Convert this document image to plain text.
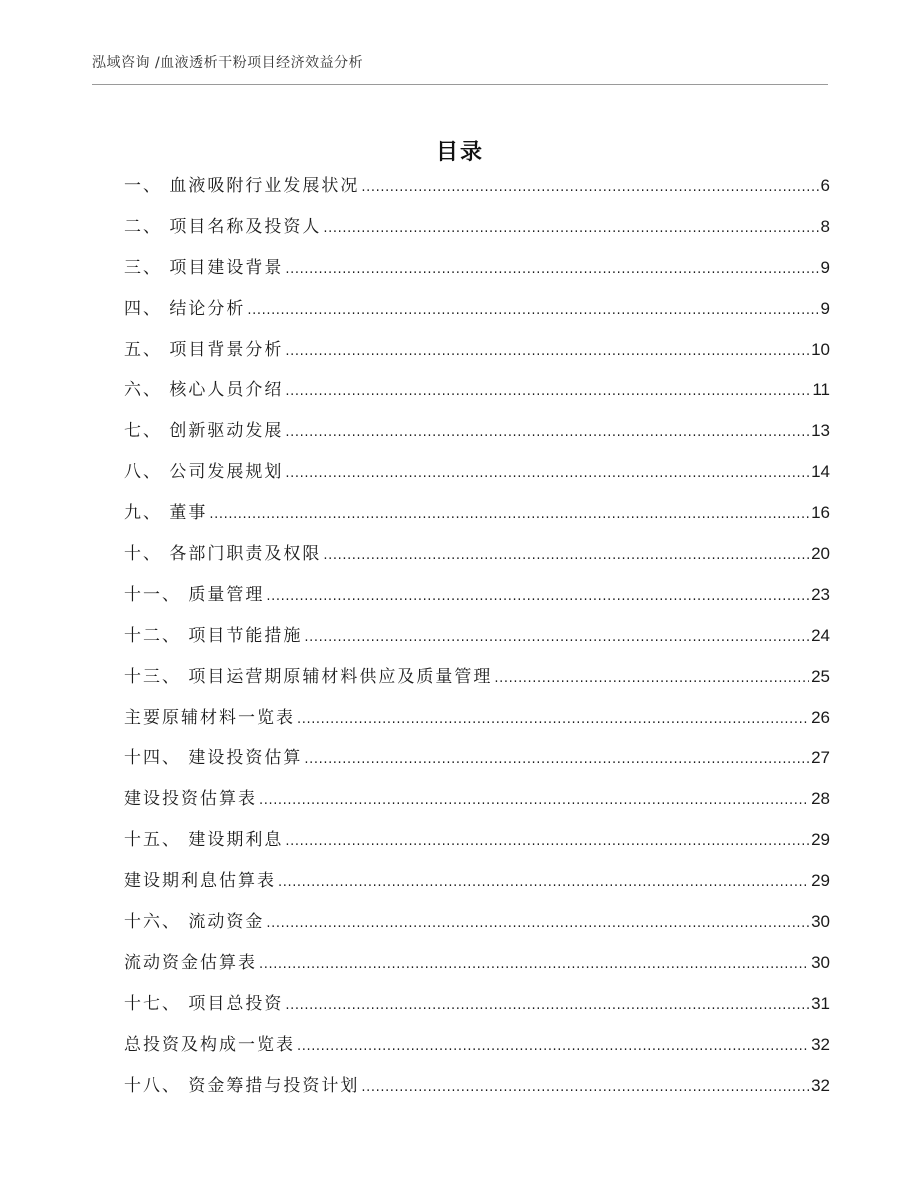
泓域咨询 /血液透析干粉项目经济效益分析
目录
一、 血液吸附行业发展状况 .....	6
二、 项目名称及投资人 .....	8
三、 项目建设背景 .....	9
四、 结论分析 .....	9
五、 项目背景分析 .....	10
六、 核心人员介绍 .....	11
七、 创新驱动发展 .....	13
八、 公司发展规划 .....	14
九、 董事 .....	16
十、 各部门职责及权限 .....	20
十一、 质量管理 .....	23
十二、 项目节能措施 .....	24
十三、 项目运营期原辅材料供应及质量管理 .....	25
主要原辅材料一览表 .....	26
十四、 建设投资估算 .....	27
建设投资估算表 .....	28
十五、 建设期利息 .....	29
建设期利息估算表 .....	29
十六、 流动资金 .....	30
流动资金估算表 .....	30
十七、 项目总投资 .....	31
总投资及构成一览表 .....	32
十八、 资金筹措与投资计划 .....	32
